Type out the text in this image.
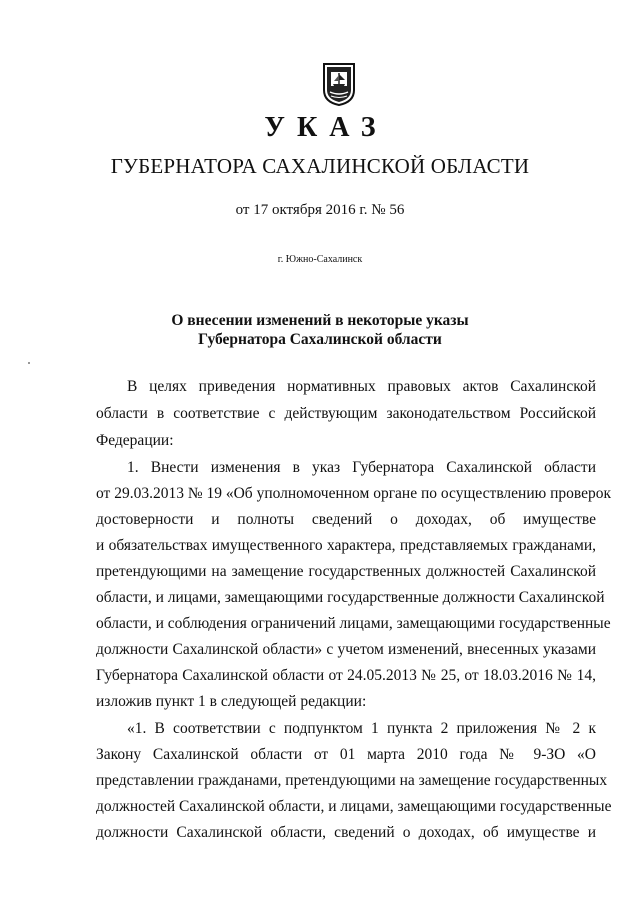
УКАЗ
ГУБЕРНАТОРА САХАЛИНСКОЙ ОБЛАСТИ
от 17 октября 2016 г. № 56
г. Южно-Сахалинск
О внесении изменений в некоторые указы
Губернатора Сахалинской области
В целях приведения нормативных правовых актов Сахалинской
области в соответствие с действующим законодательством Российской
Федерации:
1. Внести изменения в указ Губернатора Сахалинской области
от 29.03.2013 № 19 «Об уполномоченном органе по осуществлению проверок
достоверности и полноты сведений о доходах, об имуществе
и обязательствах имущественного характера, представляемых гражданами,
претендующими на замещение государственных должностей Сахалинской
области, и лицами, замещающими государственные должности Сахалинской
области, и соблюдения ограничений лицами, замещающими государственные
должности Сахалинской области» с учетом изменений, внесенных указами
Губернатора Сахалинской области от 24.05.2013 № 25, от 18.03.2016 № 14,
изложив пункт 1 в следующей редакции:
«1. В соответствии с подпунктом 1 пункта 2 приложения № 2 к
Закону Сахалинской области от 01 марта 2010 года № 9-ЗО «О
представлении гражданами, претендующими на замещение государственных
должностей Сахалинской области, и лицами, замещающими государственные
должности Сахалинской области, сведений о доходах, об имуществе и
